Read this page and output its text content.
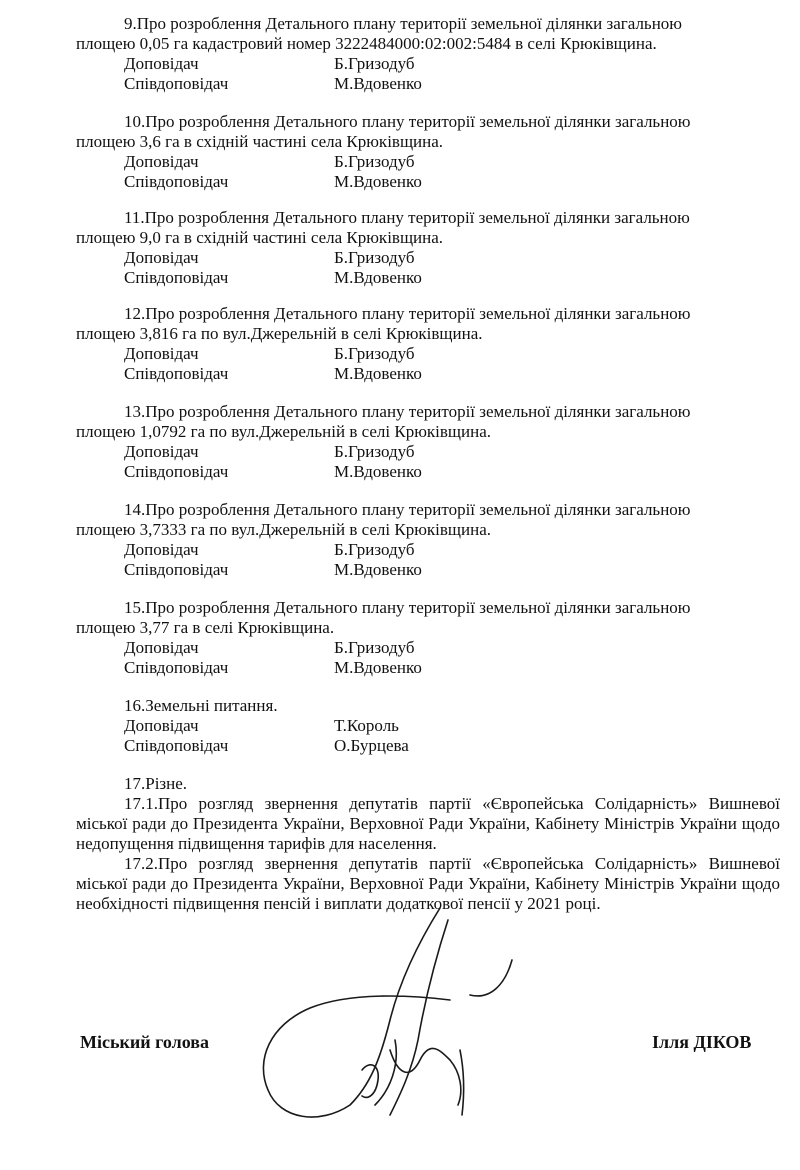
9.Про розроблення Детального плану території земельної ділянки загальною

площею 0,05 га кадастровий номер 3222484000:02:002:5484 в селі Крюківщина.

Доповідач	Б.Гризодуб
Співдоповідач	М.Вдовенко

10.Про розроблення Детального плану території земельної ділянки загальною

площею 3,6 га в східній частині села Крюківщина.

Доповідач	Б.Гризодуб
Співдоповідач	М.Вдовенко

11.Про розроблення Детального плану території земельної ділянки загальною

площею 9,0 га в східній частині села Крюківщина.

Доповідач	Б.Гризодуб
Співдоповідач	М.Вдовенко

12.Про розроблення Детального плану території земельної ділянки загальною

площею 3,816 га по вул.Джерельній в селі Крюківщина.

Доповідач	Б.Гризодуб
Співдоповідач	М.Вдовенко

13.Про розроблення Детального плану території земельної ділянки загальною

площею 1,0792 га по вул.Джерельній в селі Крюківщина.

Доповідач	Б.Гризодуб
Співдоповідач	М.Вдовенко

14.Про розроблення Детального плану території земельної ділянки загальною

площею 3,7333 га по вул.Джерельній в селі Крюківщина.

Доповідач	Б.Гризодуб
Співдоповідач	М.Вдовенко

15.Про розроблення Детального плану території земельної ділянки загальною

площею 3,77 га в селі Крюківщина.

Доповідач	Б.Гризодуб
Співдоповідач	М.Вдовенко

16.Земельні питання.

Доповідач	Т.Король
Співдоповідач	О.Бурцева

17.Різне.

17.1.Про розгляд звернення депутатів партії «Європейська Солідарність» Вишневої міської ради до Президента України, Верховної Ради України, Кабінету Міністрів України щодо недопущення підвищення тарифів для населення.

17.2.Про розгляд звернення депутатів партії «Європейська Солідарність» Вишневої міської ради до Президента України, Верховної Ради України, Кабінету Міністрів України щодо необхідності підвищення пенсій і виплати додаткової пенсії у 2021 році.

Міський голова	Ілля ДІКОВ
